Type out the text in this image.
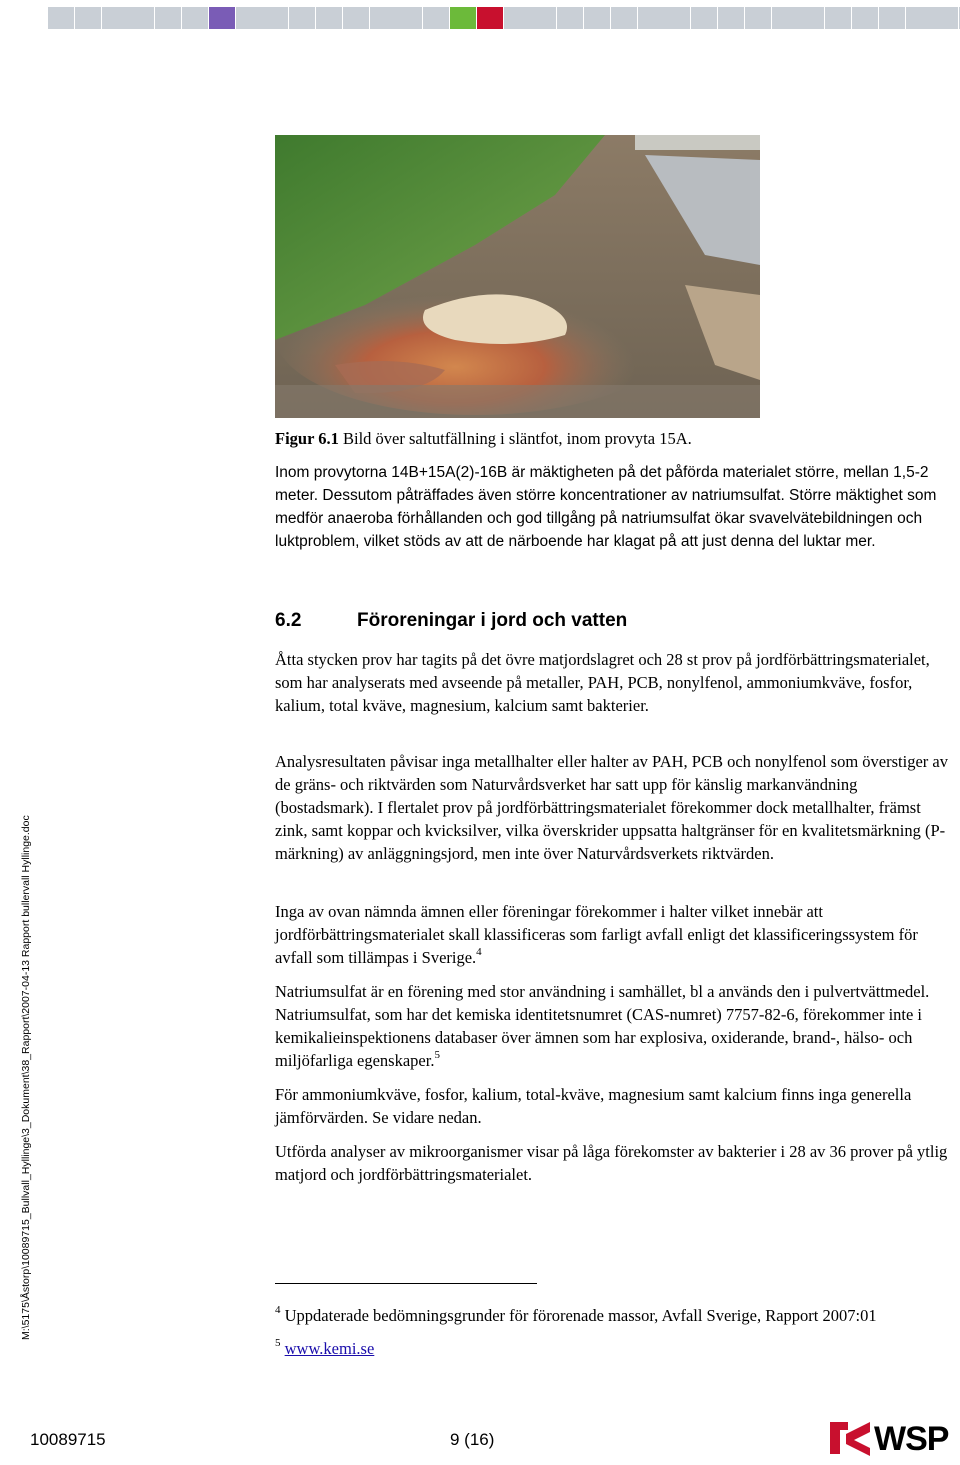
M:\5175\Åstorp\10089715_Bullvall_Hyllinge\3_Dokument\38_Rapport\2007-04-13 Rapport bullervall Hyllinge.doc
Figur 6.1 Bild över saltutfällning i släntfot, inom provyta 15A.
Inom provytorna 14B+15A(2)-16B är mäktigheten på det påförda materialet större, mellan 1,5-2 meter. Dessutom påträffades även större koncentrationer av natriumsulfat. Större mäktighet som medför anaeroba förhållanden och god tillgång på natriumsulfat ökar svavelvätebildningen och luktproblem, vilket stöds av att de närboende har klagat på att just denna del luktar mer.
6.2	Föroreningar i jord och vatten
Åtta stycken prov har tagits på det övre matjordslagret och 28 st prov på jordförbättringsmaterialet, som har analyserats med avseende på metaller, PAH, PCB, nonylfenol, ammoniumkväve, fosfor, kalium, total kväve, magnesium, kalcium samt bakterier.
Analysresultaten påvisar inga metallhalter eller halter av PAH, PCB och nonylfenol som överstiger av de gräns- och riktvärden som Naturvårdsverket har satt upp för känslig markanvändning (bostadsmark). I flertalet prov på jordförbättringsmaterialet förekommer dock metallhalter, främst zink, samt koppar och kvicksilver, vilka överskrider uppsatta haltgränser för en kvalitetsmärkning (P-märkning) av anläggningsjord, men inte över Naturvårdsverkets riktvärden.
Inga av ovan nämnda ämnen eller föreningar förekommer i halter vilket innebär att jordförbättringsmaterialet skall klassificeras som farligt avfall enligt det klassificeringssystem för avfall som tillämpas i Sverige.$^4$
Natriumsulfat är en förening med stor användning i samhället, bl a används den i pulvertvättmedel. Natriumsulfat, som har det kemiska identitetsnumret (CAS-numret) 7757-82-6, förekommer inte i kemikalieinspektionens databaser över ämnen som har explosiva, oxiderande, brand-, hälso- och miljöfarliga egenskaper.$^5$
För ammoniumkväve, fosfor, kalium, total-kväve, magnesium samt kalcium finns inga generella jämförvärden. Se vidare nedan.
Utförda analyser av mikroorganismer visar på låga förekomster av bakterier i 28 av 36 prover på ytlig matjord och jordförbättringsmaterialet.
$^4$ Uppdaterade bedömningsgrunder för förorenade massor, Avfall Sverige, Rapport 2007:01
$^5$ www.kemi.se
10089715	9 (16)	WSP
